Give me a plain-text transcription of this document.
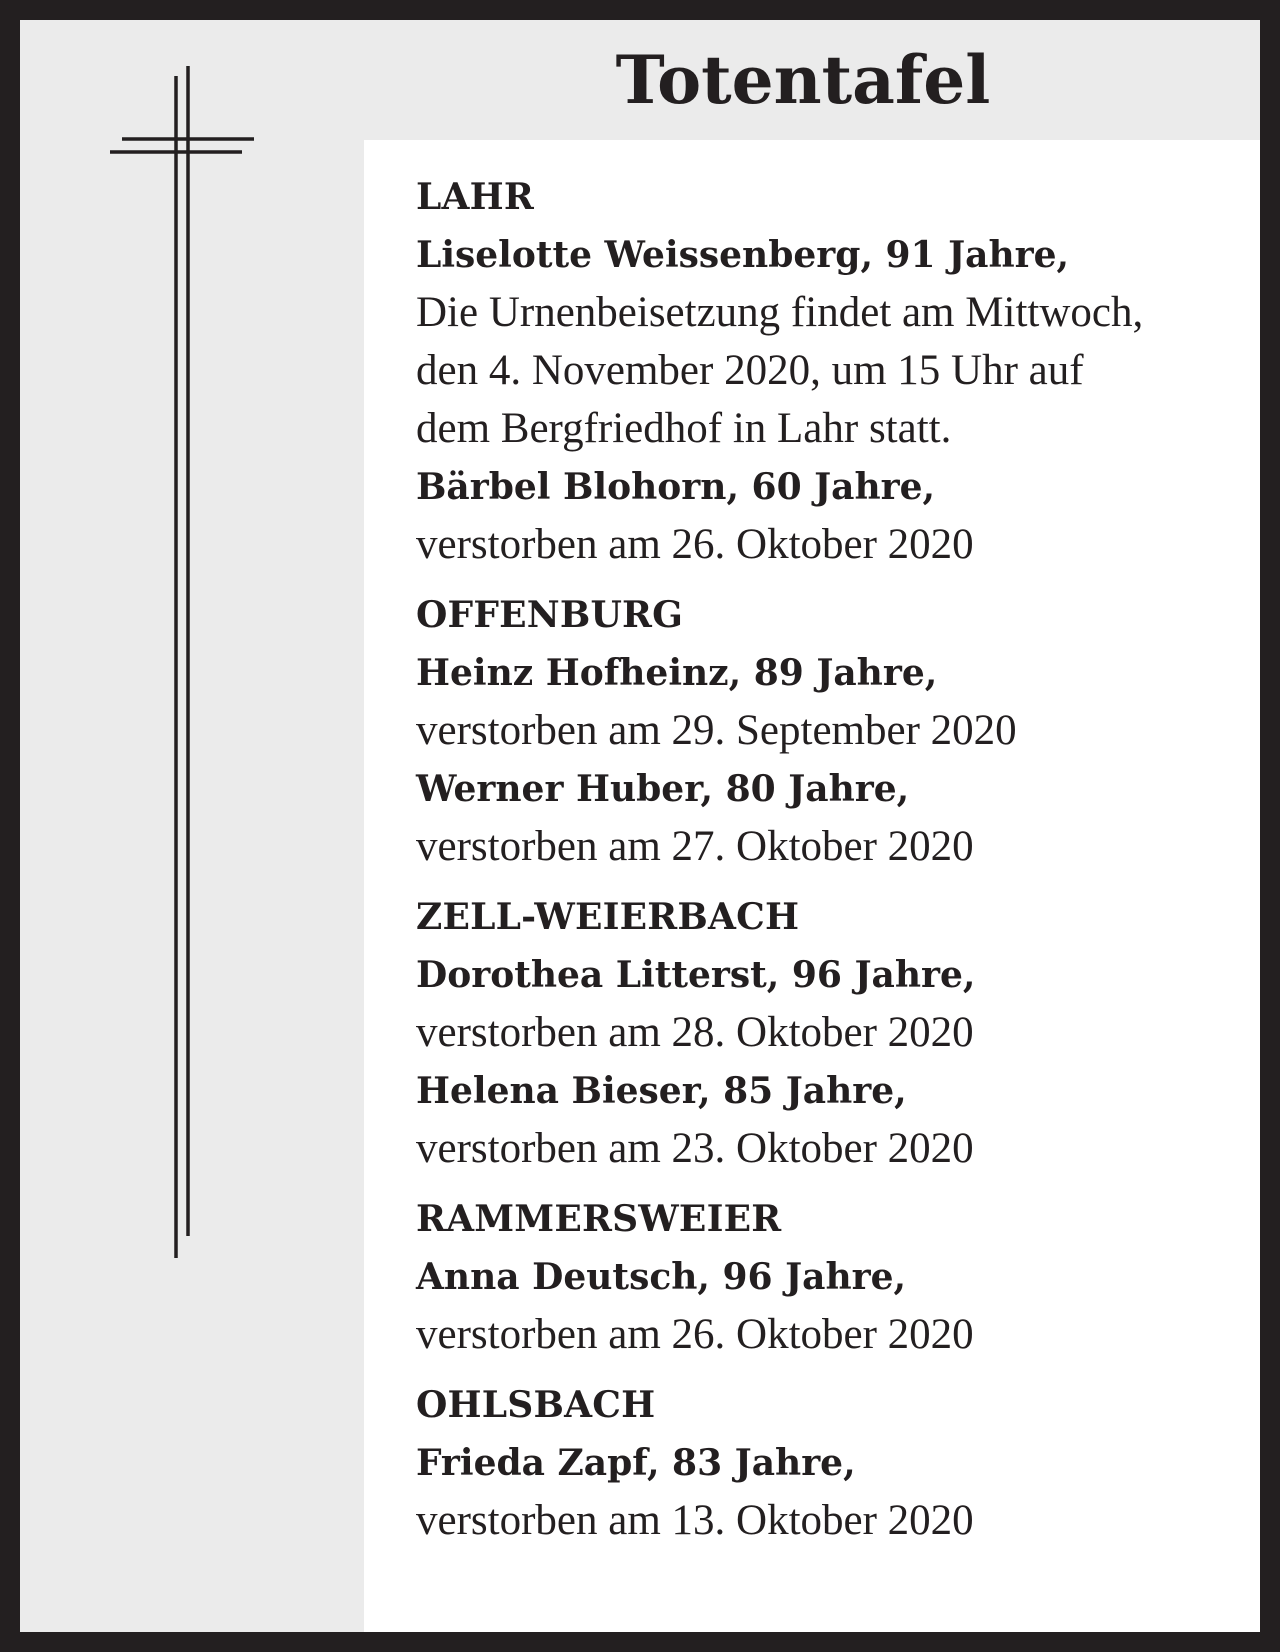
Totentafel

LAHR

Liselotte Weissenberg, 91 Jahre,

Die Urnenbeisetzung findet am Mittwoch,

den 4. November 2020, um 15 Uhr auf

dem Bergfriedhof in Lahr statt.

Bärbel Blohorn, 60 Jahre,

verstorben am 26. Oktober 2020

OFFENBURG

Heinz Hofheinz, 89 Jahre,

verstorben am 29. September 2020

Werner Huber, 80 Jahre,

verstorben am 27. Oktober 2020

ZELL-WEIERBACH

Dorothea Litterst, 96 Jahre,

verstorben am 28. Oktober 2020

Helena Bieser, 85 Jahre,

verstorben am 23. Oktober 2020

RAMMERSWEIER

Anna Deutsch, 96 Jahre,

verstorben am 26. Oktober 2020

OHLSBACH

Frieda Zapf, 83 Jahre,

verstorben am 13. Oktober 2020
